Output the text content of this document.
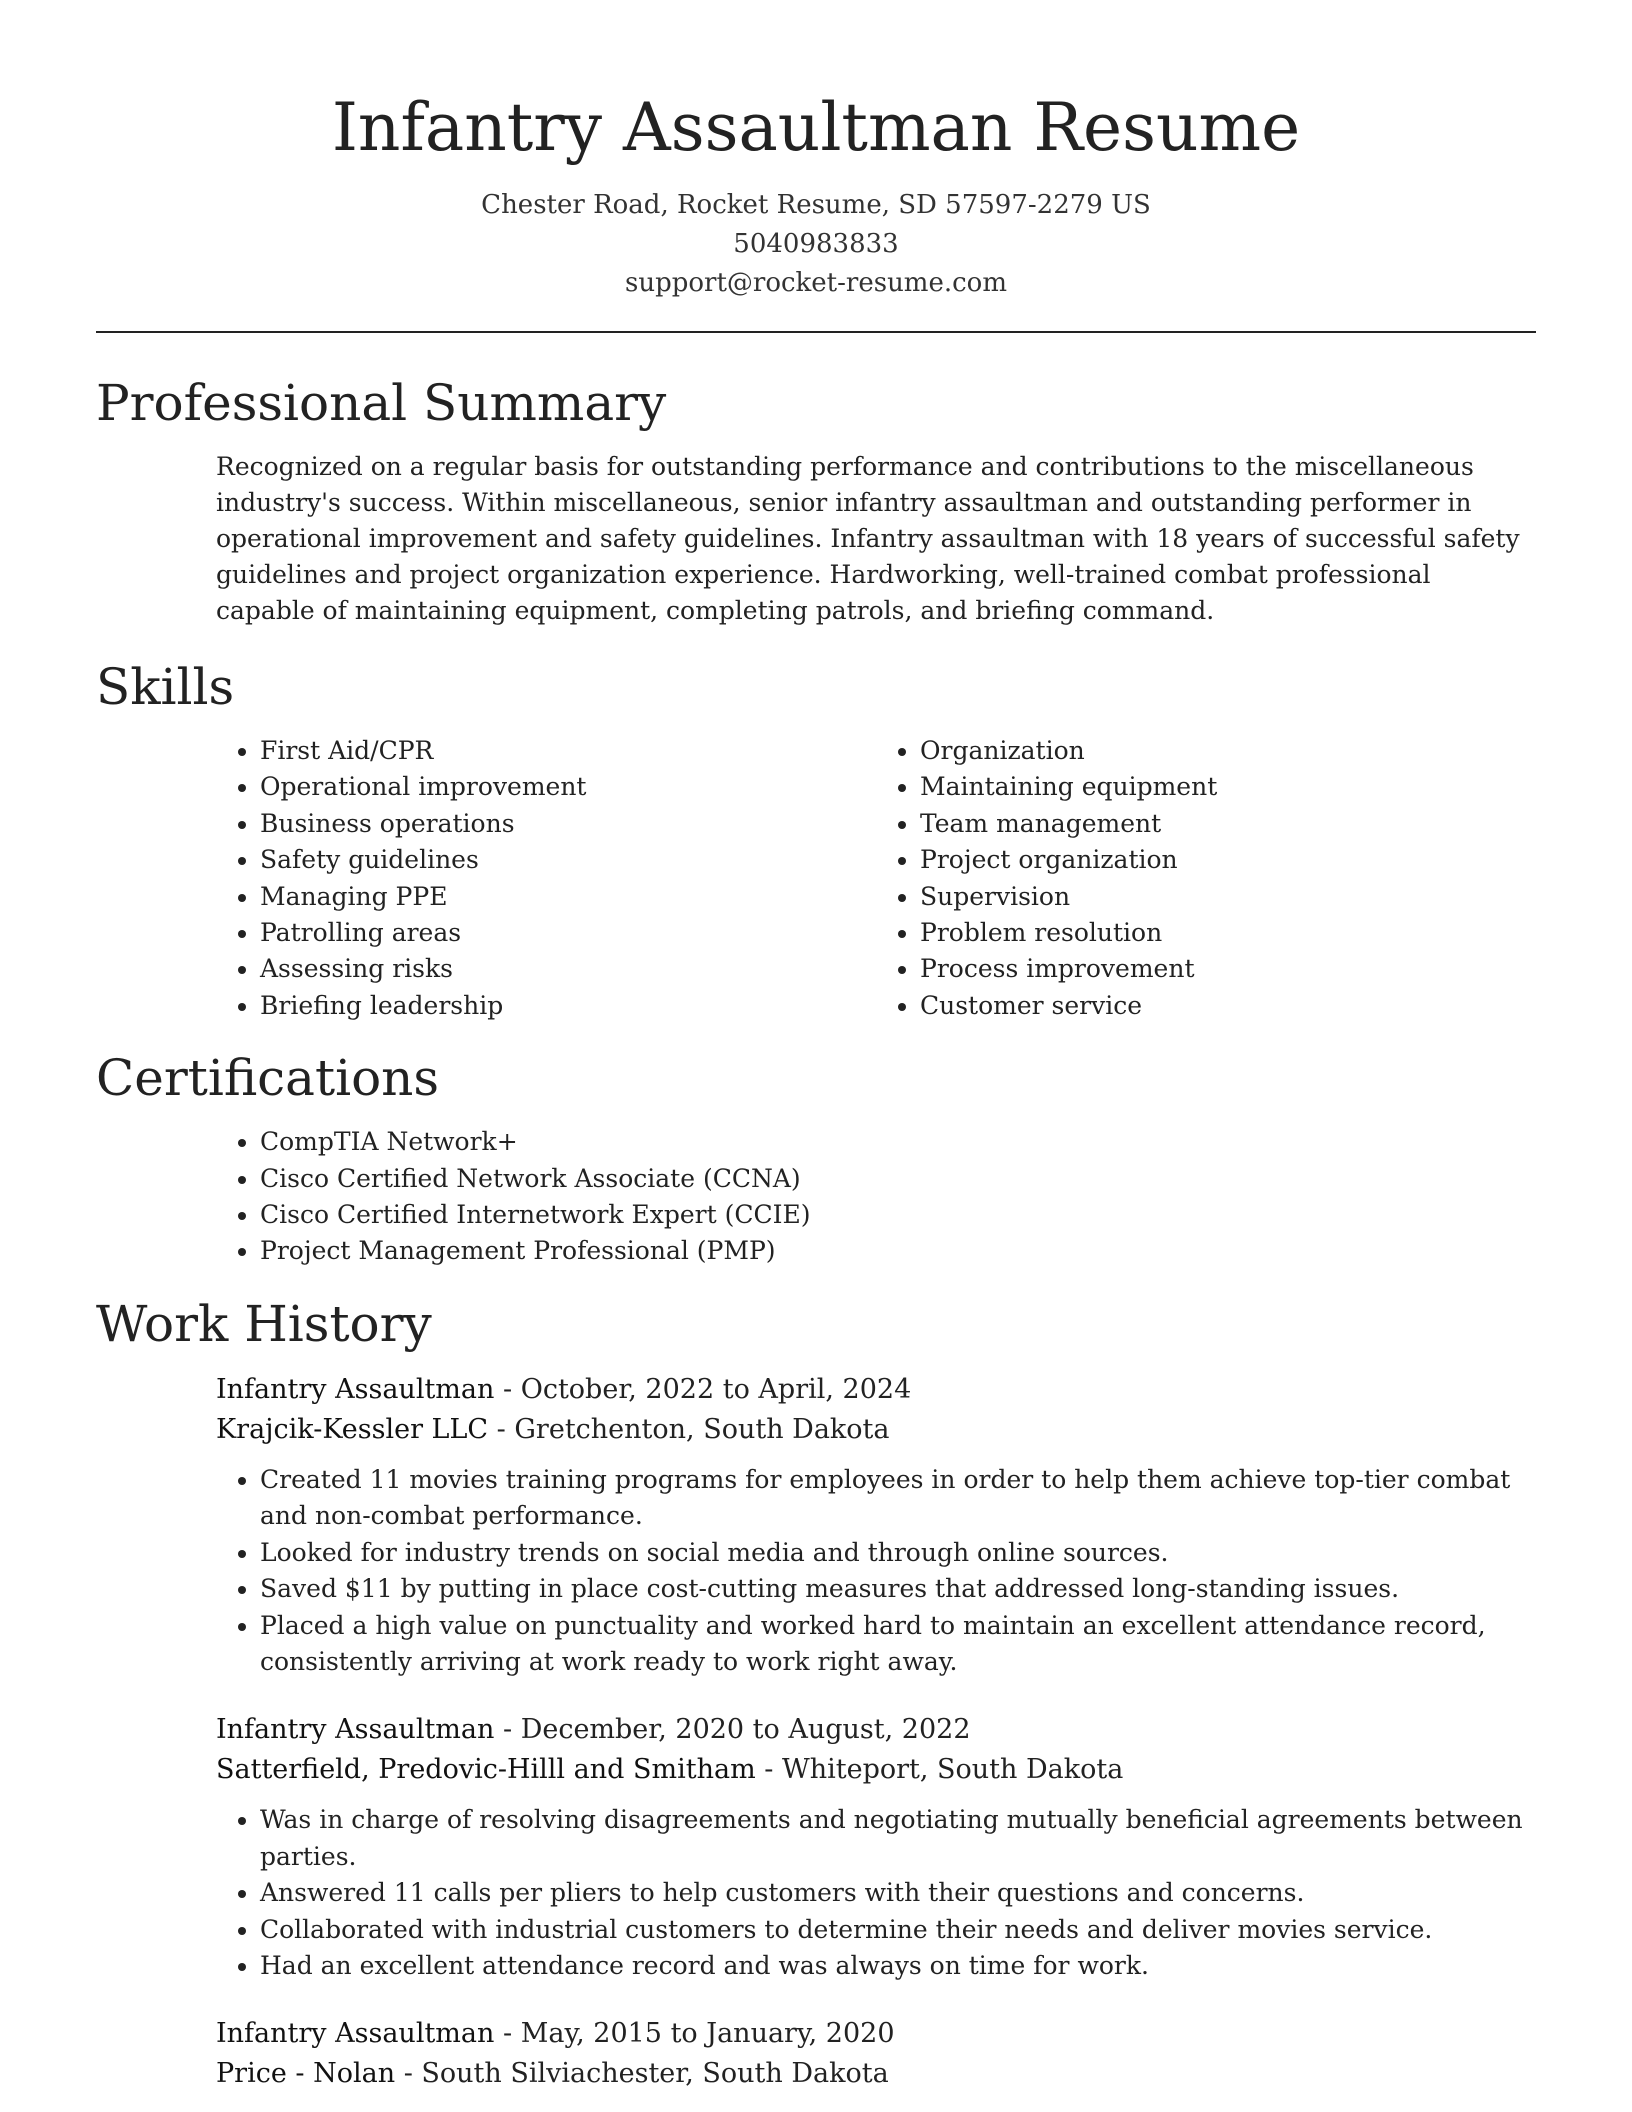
Infantry Assaultman Resume
Chester Road, Rocket Resume, SD 57597-2279 US
5040983833
support@rocket-resume.com
Professional Summary
Recognized on a regular basis for outstanding performance and contributions to the miscellaneous industry's success. Within miscellaneous, senior infantry assaultman and outstanding performer in operational improvement and safety guidelines. Infantry assaultman with 18 years of successful safety guidelines and project organization experience. Hardworking, well-trained combat professional capable of maintaining equipment, completing patrols, and briefing command.
Skills
• First Aid/CPR
• Operational improvement
• Business operations
• Safety guidelines
• Managing PPE
• Patrolling areas
• Assessing risks
• Briefing leadership
• Organization
• Maintaining equipment
• Team management
• Project organization
• Supervision
• Problem resolution
• Process improvement
• Customer service
Certifications
• CompTIA Network+
• Cisco Certified Network Associate (CCNA)
• Cisco Certified Internetwork Expert (CCIE)
• Project Management Professional (PMP)
Work History
Infantry Assaultman - October, 2022 to April, 2024
Krajcik-Kessler LLC - Gretchenton, South Dakota
• Created 11 movies training programs for employees in order to help them achieve top-tier combat and non-combat performance.
• Looked for industry trends on social media and through online sources.
• Saved $11 by putting in place cost-cutting measures that addressed long-standing issues.
• Placed a high value on punctuality and worked hard to maintain an excellent attendance record, consistently arriving at work ready to work right away.
Infantry Assaultman - December, 2020 to August, 2022
Satterfield, Predovic-Hilll and Smitham - Whiteport, South Dakota
• Was in charge of resolving disagreements and negotiating mutually beneficial agreements between parties.
• Answered 11 calls per pliers to help customers with their questions and concerns.
• Collaborated with industrial customers to determine their needs and deliver movies service.
• Had an excellent attendance record and was always on time for work.
Infantry Assaultman - May, 2015 to January, 2020
Price - Nolan - South Silviachester, South Dakota
